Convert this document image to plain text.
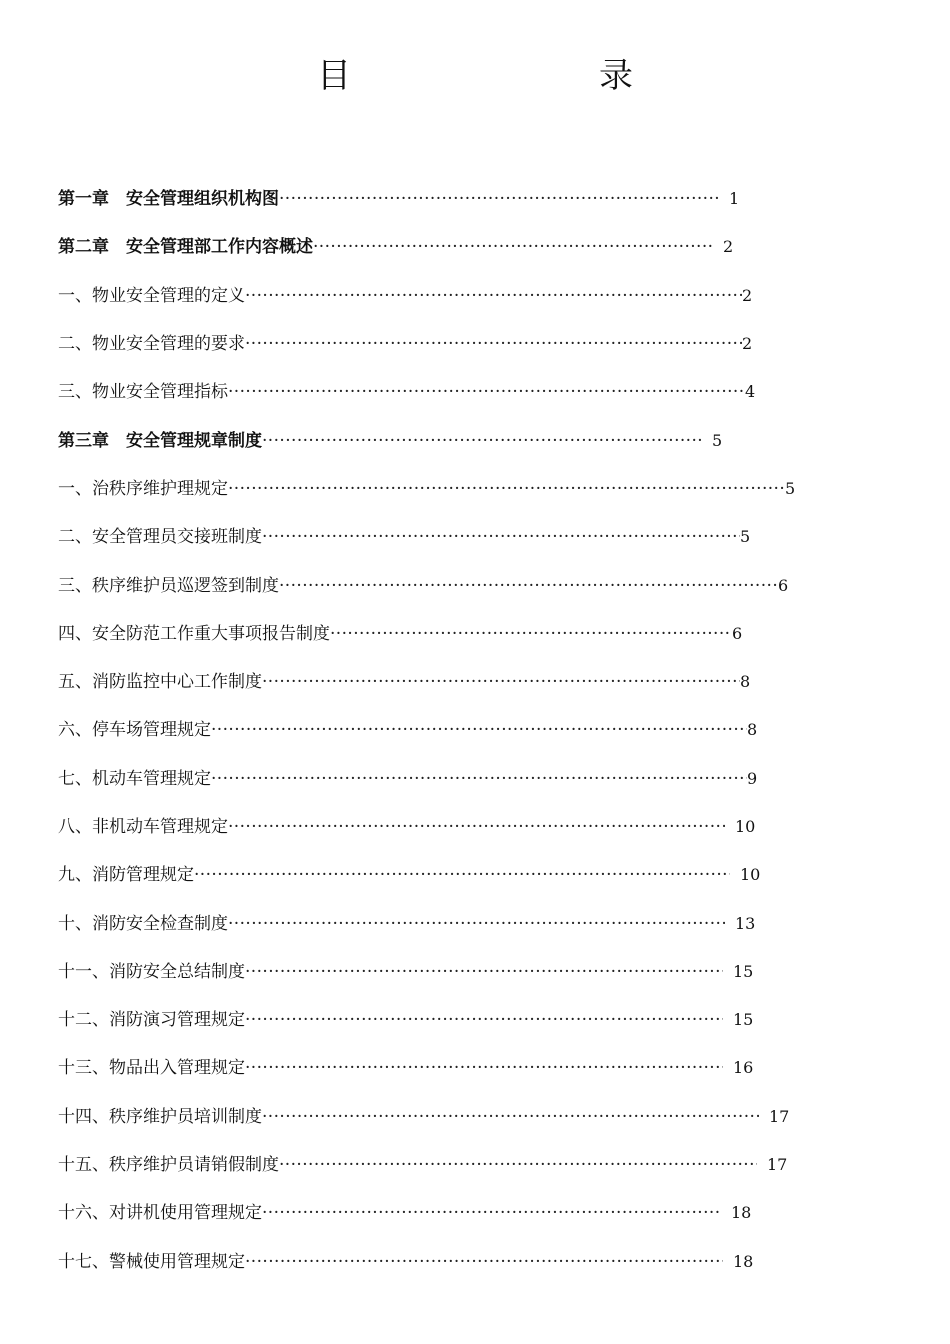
目　　录
第一章　安全管理组织机构图 ·····	1
第二章　安全管理部工作内容概述 ·····	2
一、物业安全管理的定义 ·····	2
二、物业安全管理的要求 ·····	2
三、物业安全管理指标 ·····	4
第三章　安全管理规章制度 ·····	5
一、治秩序维护理规定 ·····	5
二、安全管理员交接班制度 ·····	5
三、秩序维护员巡逻签到制度 ·····	6
四、安全防范工作重大事项报告制度 ·····	6
五、消防监控中心工作制度 ·····	8
六、停车场管理规定 ·····	8
七、机动车管理规定 ·····	9
八、非机动车管理规定 ·····	10
九、消防管理规定 ·····	10
十、消防安全检查制度 ·····	13
十一、消防安全总结制度 ·····	15
十二、消防演习管理规定 ·····	15
十三、物品出入管理规定 ·····	16
十四、秩序维护员培训制度 ·····	17
十五、秩序维护员请销假制度 ·····	17
十六、对讲机使用管理规定 ·····	18
十七、警械使用管理规定 ·····	18
